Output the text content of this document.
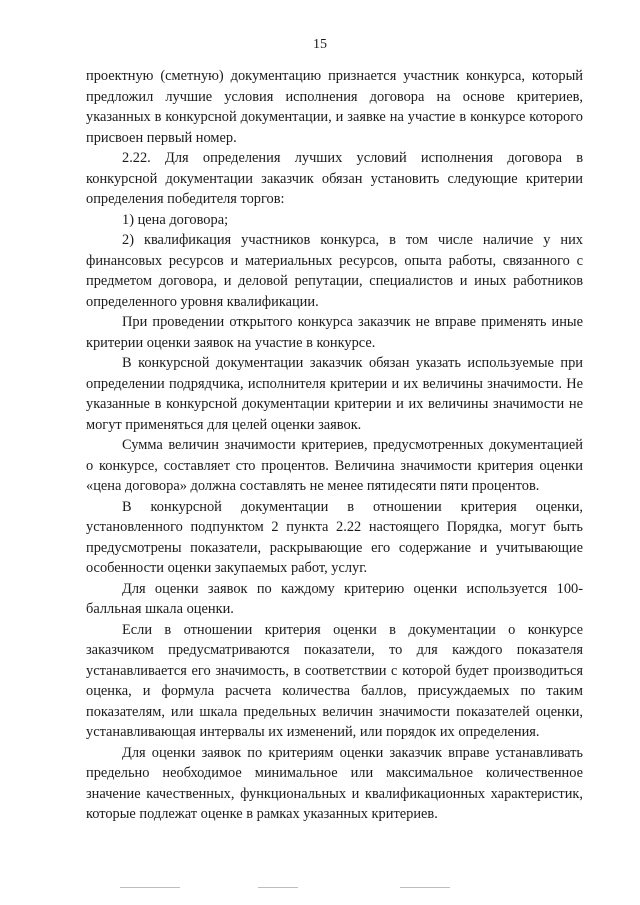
15

проектную (сметную) документацию признается участник конкурса, который предложил лучшие условия исполнения договора на основе критериев, указанных в конкурсной документации, и заявке на участие в конкурсе которого присвоен первый номер.

2.22. Для определения лучших условий исполнения договора в конкурсной документации заказчик обязан установить следующие критерии определения победителя торгов:

1) цена договора;

2) квалификация участников конкурса, в том числе наличие у них финансовых ресурсов и материальных ресурсов, опыта работы, связанного с предметом договора, и деловой репутации, специалистов и иных работников определенного уровня квалификации.

При проведении открытого конкурса заказчик не вправе применять иные критерии оценки заявок на участие в конкурсе.

В конкурсной документации заказчик обязан указать используемые при определении подрядчика, исполнителя критерии и их величины значимости. Не указанные в конкурсной документации критерии и их величины значимости не могут применяться для целей оценки заявок.

Сумма величин значимости критериев, предусмотренных документацией о конкурсе, составляет сто процентов. Величина значимости критерия оценки «цена договора» должна составлять не менее пятидесяти пяти процентов.

В конкурсной документации в отношении критерия оценки, установленного подпунктом 2 пункта 2.22 настоящего Порядка, могут быть предусмотрены показатели, раскрывающие его содержание и учитывающие особенности оценки закупаемых работ, услуг.

Для оценки заявок по каждому критерию оценки используется 100-балльная шкала оценки.

Если в отношении критерия оценки в документации о конкурсе заказчиком предусматриваются показатели, то для каждого показателя устанавливается его значимость, в соответствии с которой будет производиться оценка, и формула расчета количества баллов, присуждаемых по таким показателям, или шкала предельных величин значимости показателей оценки, устанавливающая интервалы их изменений, или порядок их определения.

Для оценки заявок по критериям оценки заказчик вправе устанавливать предельно необходимое минимальное или максимальное количественное значение качественных, функциональных и квалификационных характеристик, которые подлежат оценке в рамках указанных критериев.
